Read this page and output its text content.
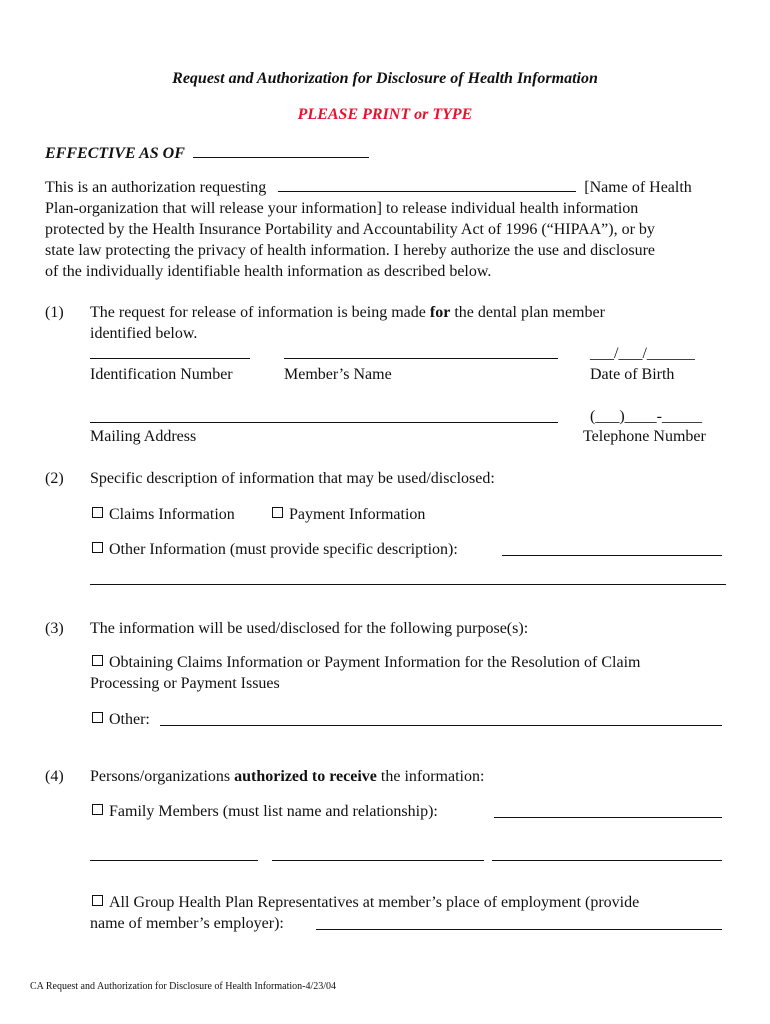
Request and Authorization for Disclosure of Health Information
PLEASE PRINT or TYPE
EFFECTIVE AS OF
This is an authorization requesting	[Name of Health
Plan-organization that will release your information] to release individual health information
protected by the Health Insurance Portability and Accountability Act of 1996 (“HIPAA”), or by
state law protecting the privacy of health information. I hereby authorize the use and disclosure
of the individually identifiable health information as described below.
(1) The request for release of information is being made for the dental plan member
identified below.
___/___/______
Identification Number	Member’s Name	Date of Birth
(___)____-_____
Mailing Address	Telephone Number
(2) Specific description of information that may be used/disclosed:
Claims Information	Payment Information
Other Information (must provide specific description):
(3) The information will be used/disclosed for the following purpose(s):
Obtaining Claims Information or Payment Information for the Resolution of Claim
Processing or Payment Issues
Other:
(4) Persons/organizations authorized to receive the information:
Family Members (must list name and relationship):
All Group Health Plan Representatives at member’s place of employment (provide
name of member’s employer):
CA Request and Authorization for Disclosure of Health Information-4/23/04
